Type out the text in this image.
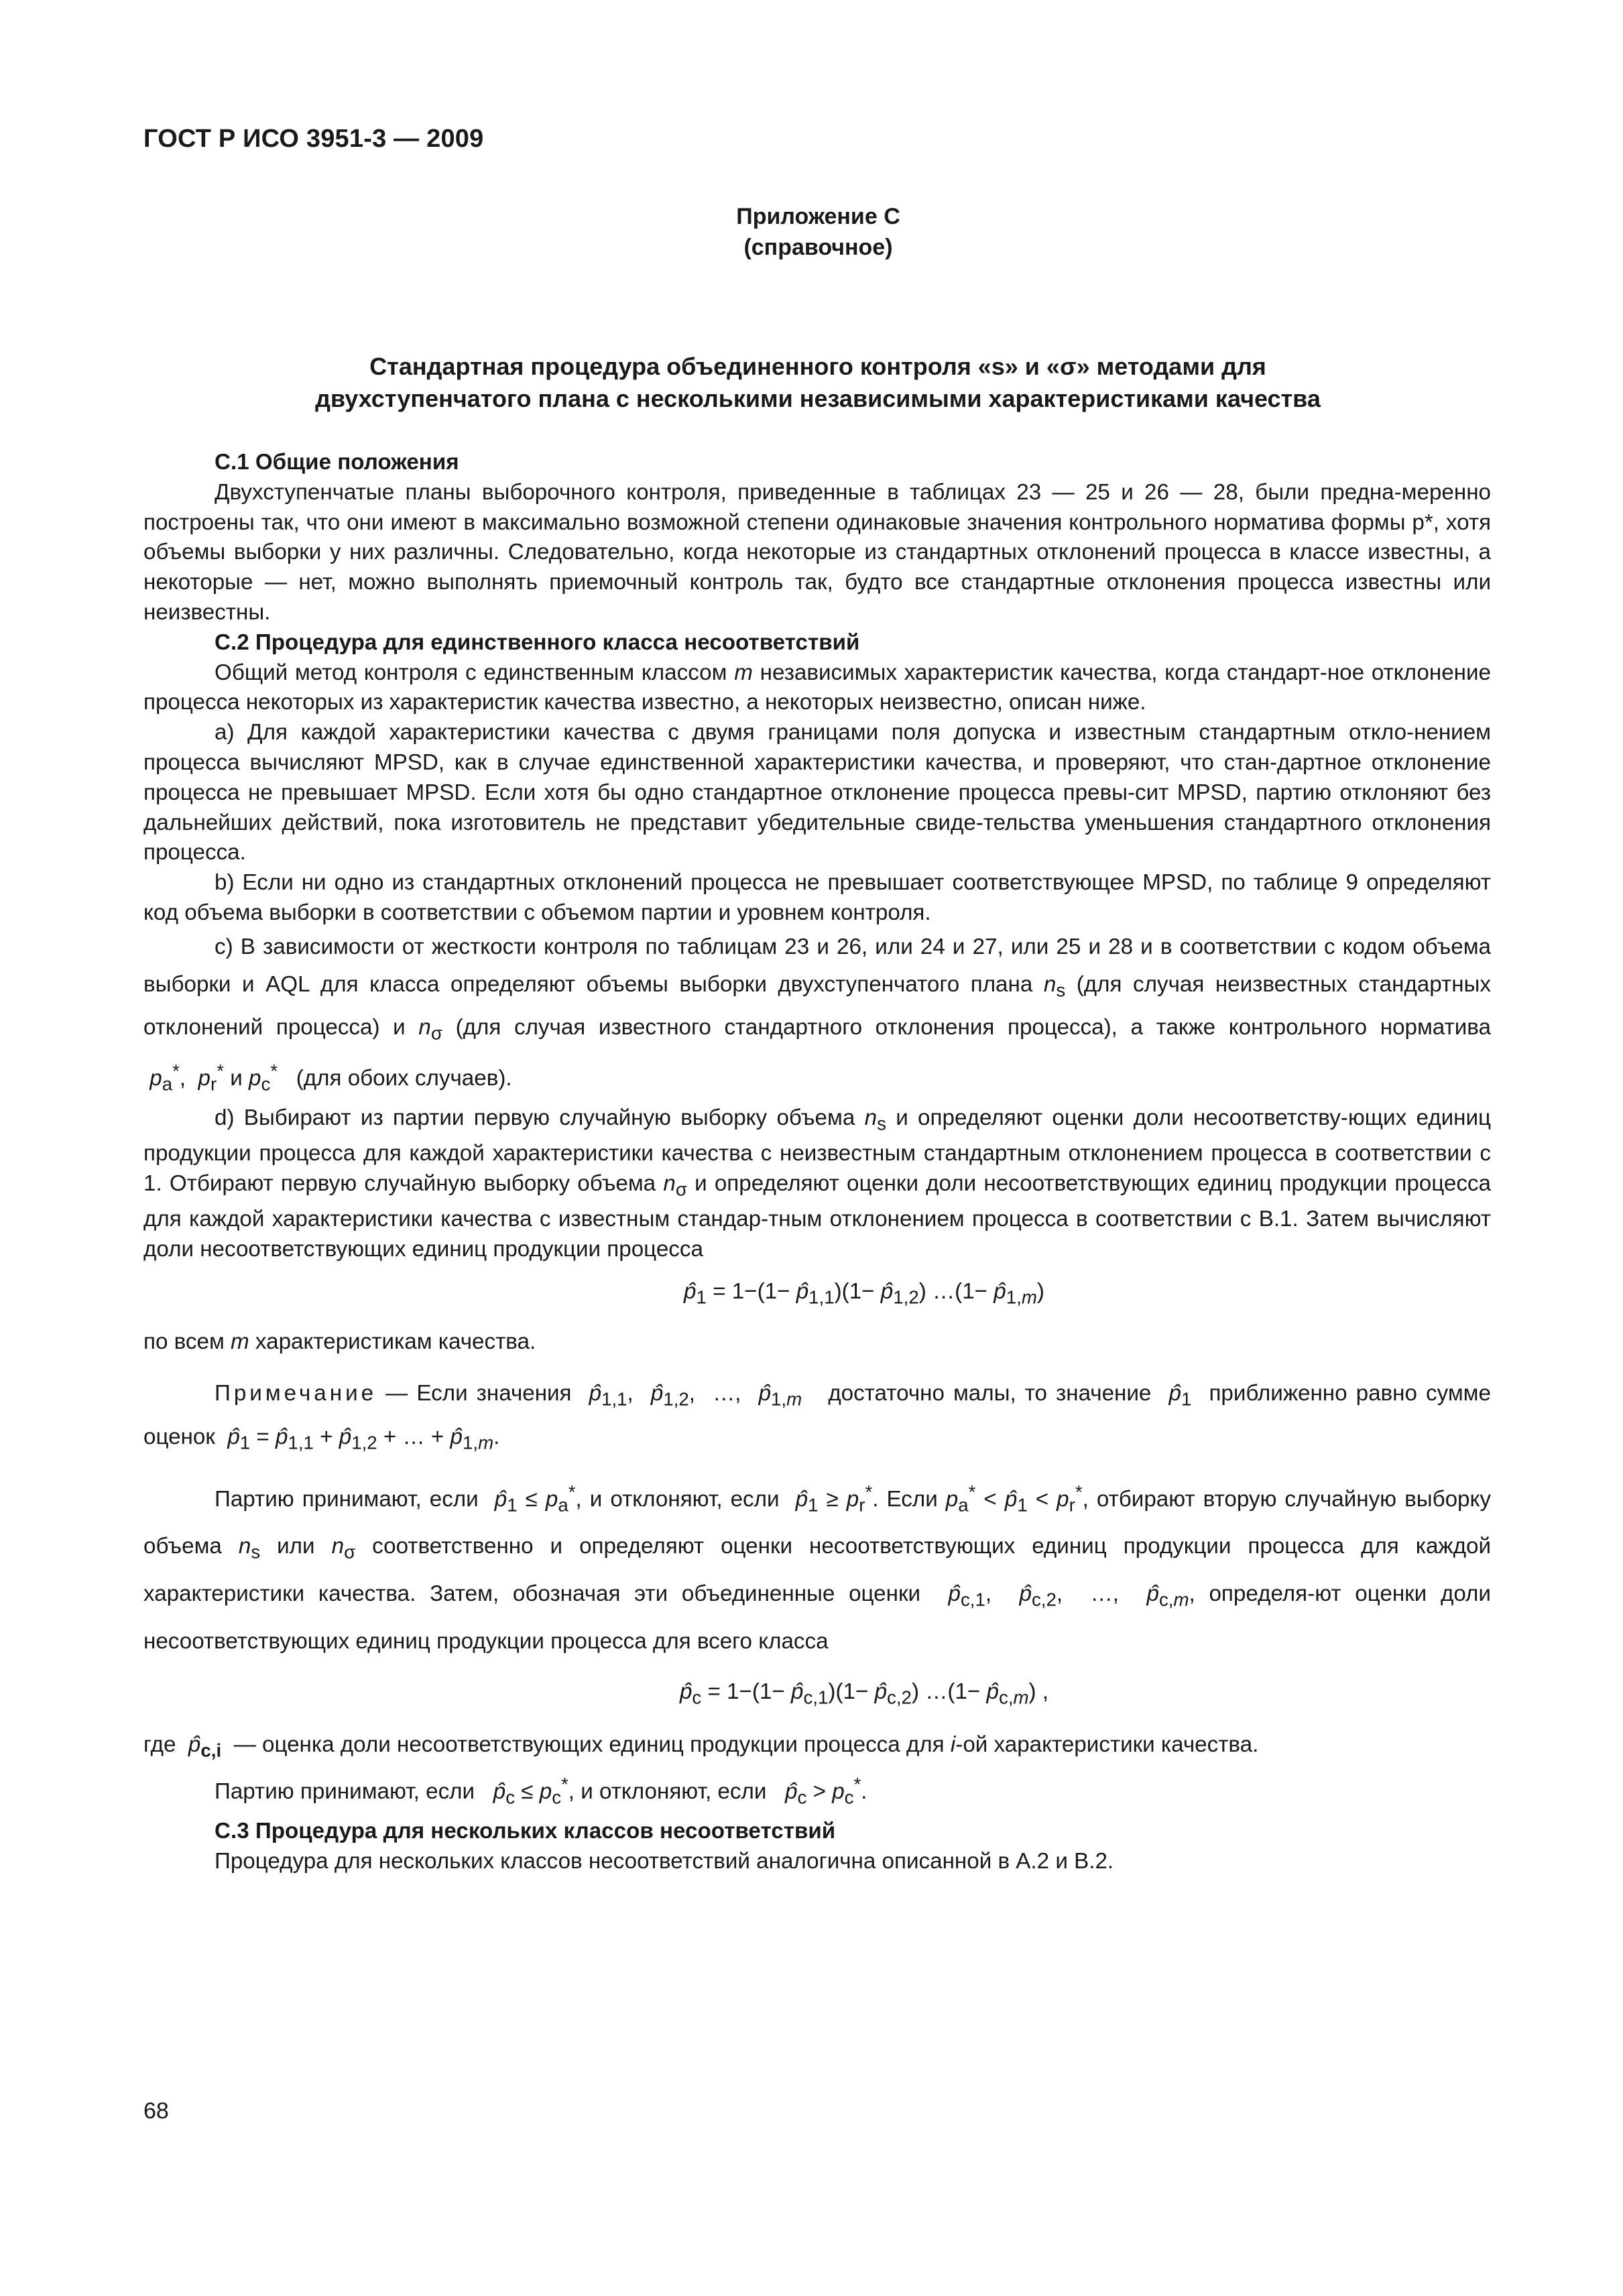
ГОСТ Р ИСО 3951-3 — 2009
Приложение С
(справочное)
Стандартная процедура объединенного контроля «s» и «σ» методами для
двухступенчатого плана с несколькими независимыми характеристиками качества

С.1 Общие положения

Двухступенчатые планы выборочного контроля, приведенные в таблицах 23 — 25 и 26 — 28, были предна-меренно построены так, что они имеют в максимально возможной степени одинаковые значения контрольного норматива формы p*, хотя объемы выборки у них различны. Следовательно, когда некоторые из стандартных отклонений процесса в классе известны, а некоторые — нет, можно выполнять приемочный контроль так, будто все стандартные отклонения процесса известны или неизвестны.

С.2 Процедура для единственного класса несоответствий

Общий метод контроля с единственным классом m независимых характеристик качества, когда стандарт-ное отклонение процесса некоторых из характеристик качества известно, а некоторых неизвестно, описан ниже.

а) Для каждой характеристики качества с двумя границами поля допуска и известным стандартным откло-нением процесса вычисляют MPSD, как в случае единственной характеристики качества, и проверяют, что стан-дартное отклонение процесса не превышает MPSD. Если хотя бы одно стандартное отклонение процесса превы-сит MPSD, партию отклоняют без дальнейших действий, пока изготовитель не представит убедительные свиде-тельства уменьшения стандартного отклонения процесса.

b) Если ни одно из стандартных отклонений процесса не превышает соответствующее MPSD, по таблице 9 определяют код объема выборки в соответствии с объемом партии и уровнем контроля.

с) В зависимости от жесткости контроля по таблицам 23 и 26, или 24 и 27, или 25 и 28 и в соответствии с кодом объема выборки и AQL для класса определяют объемы выборки двухступенчатого плана $n_s$ (для случая неизвестных стандартных отклонений процесса) и $n_\sigma$ (для случая известного стандартного отклонения процесса), а также контрольного норматива  $p_a^*$,  $p_r^*$ и $p_c^*$ (для обоих случаев).

d) Выбирают из партии первую случайную выборку объема $n_s$ и определяют оценки доли несоответству-ющих единиц продукции процесса для каждой характеристики качества с неизвестным стандартным отклонением процесса в соответствии с 1. Отбирают первую случайную выборку объема $n_\sigma$ и определяют оценки доли несоответствующих единиц продукции процесса для каждой характеристики качества с известным стандар-тным отклонением процесса в соответствии с В.1. Затем вычисляют доли несоответствующих единиц продукции процесса

$p̂_1 = 1-(1-$ $p̂_{1,1})(1-$ $p̂_{1,2}$) …(1− $p̂_{1,m}$)

по всем m характеристикам качества.

Примечание — Если значения $p̂_{1,1}$,  $p̂_{1,2}$,  …,  $p̂_{1,m}$ достаточно малы, то значение $p̂_1$ приближенно равно сумме оценок $p̂_1$ = $p̂_{1,1}$ + $p̂_{1,2}$ + … + $p̂_{1,m}$.

Партию принимают, если $p̂_1 \le p_a^*$, и отклоняют, если $p̂_1 \ge p_r^*$. Если $p_a^*$ < $p̂_1 < p_r^*$, отбирают вторую случайную выборку объема $n_s$ или $n_\sigma$ соответственно и определяют оценки несоответствующих единиц продукции процесса для каждой характеристики качества. Затем, обозначая эти объединенные оценки $p̂_{c,1}$,  $p̂_{c,2}$,  …,  $p̂_{c,m}$, определя-ют оценки доли несоответствующих единиц продукции процесса для всего класса

$p̂_c = 1-(1-$ $p̂_{c,1})(1-$ $p̂_{c,2}$) …(1− $p̂_{c,m}$) ,

где $p̂_{c,i}$ — оценка доли несоответствующих единиц продукции процесса для i-ой характеристики качества.

Партию принимают, если $p̂_c \le p_c^*$, и отклоняют, если $p̂_c > p_c^*$.

С.3 Процедура для нескольких классов несоответствий

Процедура для нескольких классов несоответствий аналогична описанной в А.2 и В.2.

68
